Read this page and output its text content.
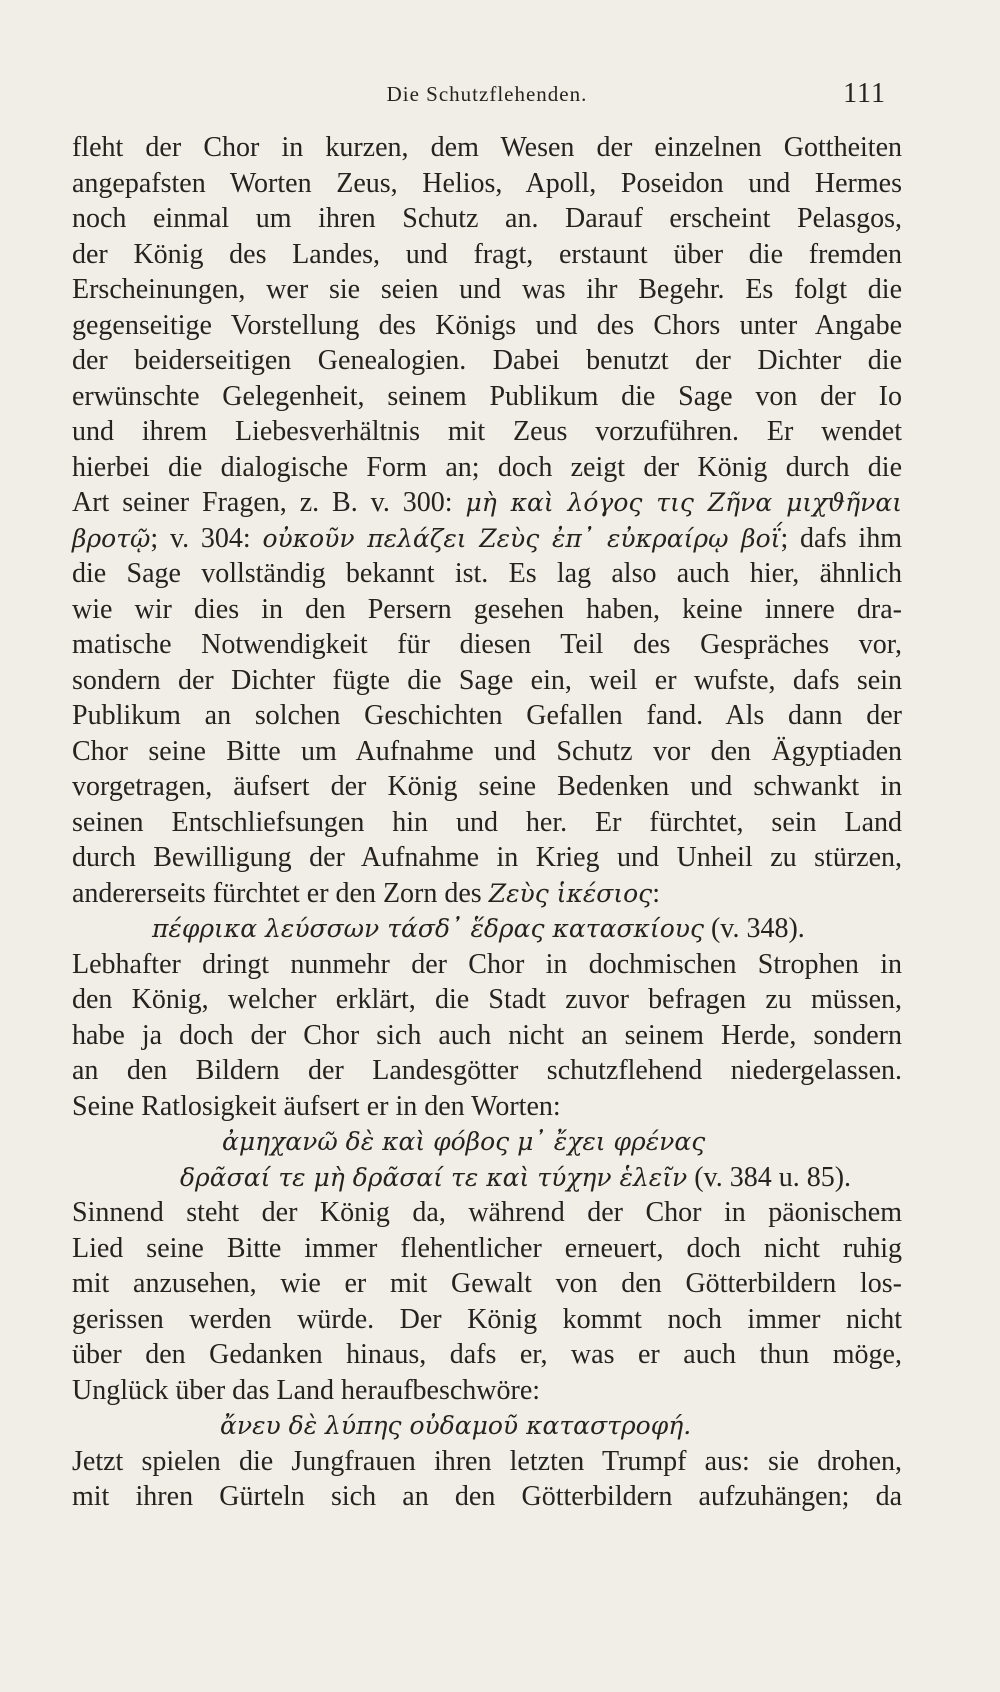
Die Schutzflehenden.	111
fleht der Chor in kurzen, dem Wesen der einzelnen Gottheiten
angepafsten Worten Zeus, Helios, Apoll, Poseidon und Hermes
noch einmal um ihren Schutz an. Darauf erscheint Pelasgos,
der König des Landes, und fragt, erstaunt über die fremden
Erscheinungen, wer sie seien und was ihr Begehr. Es folgt die
gegenseitige Vorstellung des Königs und des Chors unter Angabe
der beiderseitigen Genealogien. Dabei benutzt der Dichter die
erwünschte Gelegenheit, seinem Publikum die Sage von der Io
und ihrem Liebesverhältnis mit Zeus vorzuführen. Er wendet
hierbei die dialogische Form an; doch zeigt der König durch die
Art seiner Fragen, z. B. v. 300: μὴ καὶ λόγος τις Ζῆνα μιχϑῆναι
βροτῷ; v. 304: οὐκοῦν πελάζει Ζεὺς ἐπ᾽ εὐκραίρῳ βοΐ; dafs ihm
die Sage vollständig bekannt ist. Es lag also auch hier, ähnlich
wie wir dies in den Persern gesehen haben, keine innere dra-
matische Notwendigkeit für diesen Teil des Gespräches vor,
sondern der Dichter fügte die Sage ein, weil er wufste, dafs sein
Publikum an solchen Geschichten Gefallen fand. Als dann der
Chor seine Bitte um Aufnahme und Schutz vor den Ägyptiaden
vorgetragen, äufsert der König seine Bedenken und schwankt in
seinen Entschliefsungen hin und her. Er fürchtet, sein Land
durch Bewilligung der Aufnahme in Krieg und Unheil zu stürzen,
andererseits fürchtet er den Zorn des Ζεὺς ἱκέσιος:
πέφρικα λεύσσων τάσδ᾽ ἕδρας κατασκίους (v. 348).
Lebhafter dringt nunmehr der Chor in dochmischen Strophen in
den König, welcher erklärt, die Stadt zuvor befragen zu müssen,
habe ja doch der Chor sich auch nicht an seinem Herde, sondern
an den Bildern der Landesgötter schutzflehend niedergelassen.
Seine Ratlosigkeit äufsert er in den Worten:
ἀμηχανῶ δὲ καὶ φόβος μ᾽ ἔχει φρένας
δρᾶσαί τε μὴ δρᾶσαί τε καὶ τύχην ἑλεῖν (v. 384 u. 85).
Sinnend steht der König da, während der Chor in päonischem
Lied seine Bitte immer flehentlicher erneuert, doch nicht ruhig
mit anzusehen, wie er mit Gewalt von den Götterbildern los-
gerissen werden würde. Der König kommt noch immer nicht
über den Gedanken hinaus, dafs er, was er auch thun möge,
Unglück über das Land heraufbeschwöre:
ἄνευ δὲ λύπης οὐδαμοῦ καταστροφή.
Jetzt spielen die Jungfrauen ihren letzten Trumpf aus: sie drohen,
mit ihren Gürteln sich an den Götterbildern aufzuhängen; da
